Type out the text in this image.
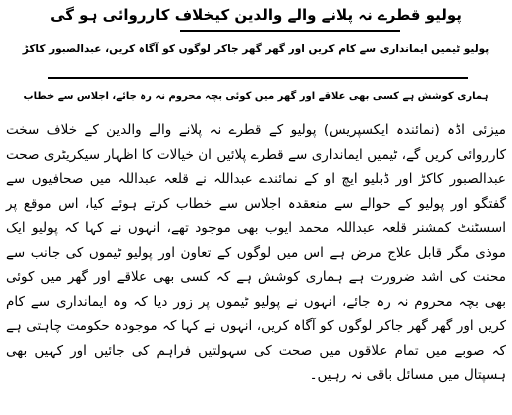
پولیو قطرے نہ پلانے والے والدین کیخلاف کارروائی ہو گی
پولیو ٹیمیں ایمانداری سے کام کریں اور گھر گھر جاکر لوگوں کو آگاہ کریں، عبدالصبور کاکڑ
ہماری کوشش ہے کسی بھی علاقے اور گھر میں کوئی بچہ محروم نہ رہ جائے، اجلاس سے خطاب
میزئی اڈہ (نمائندہ ایکسپریس) پولیو کے قطرے نہ پلانے والے والدین کے خلاف سخت کارروائی کریں گے، ٹیمیں ایمانداری سے قطرے پلائیں ان خیالات کا اظہار سیکریٹری صحت عبدالصبور کاکڑ اور ڈبلیو ایچ او کے نمائندے عبداللہ نے قلعہ عبداللہ میں صحافیوں سے گفتگو اور پولیو کے حوالے سے منعقدہ اجلاس سے خطاب کرتے ہوئے کیا، اس موقع پر اسسٹنٹ کمشنر قلعہ عبداللہ محمد ایوب بھی موجود تھے، انہوں نے کہا کہ پولیو ایک موذی مگر قابل علاج مرض ہے اس میں لوگوں کے تعاون اور پولیو ٹیموں کی جانب سے محنت کی اشد ضرورت ہے ہماری کوشش ہے کہ کسی بھی علاقے اور گھر میں کوئی بھی بچہ محروم نہ رہ جائے، انہوں نے پولیو ٹیموں پر زور دیا کہ وہ ایمانداری سے کام کریں اور گھر گھر جاکر لوگوں کو آگاہ کریں، انہوں نے کہا کہ موجودہ حکومت چاہتی ہے کہ صوبے میں تمام علاقوں میں صحت کی سہولتیں فراہم کی جائیں اور کہیں بھی ہسپتال میں مسائل باقی نہ رہیں۔
